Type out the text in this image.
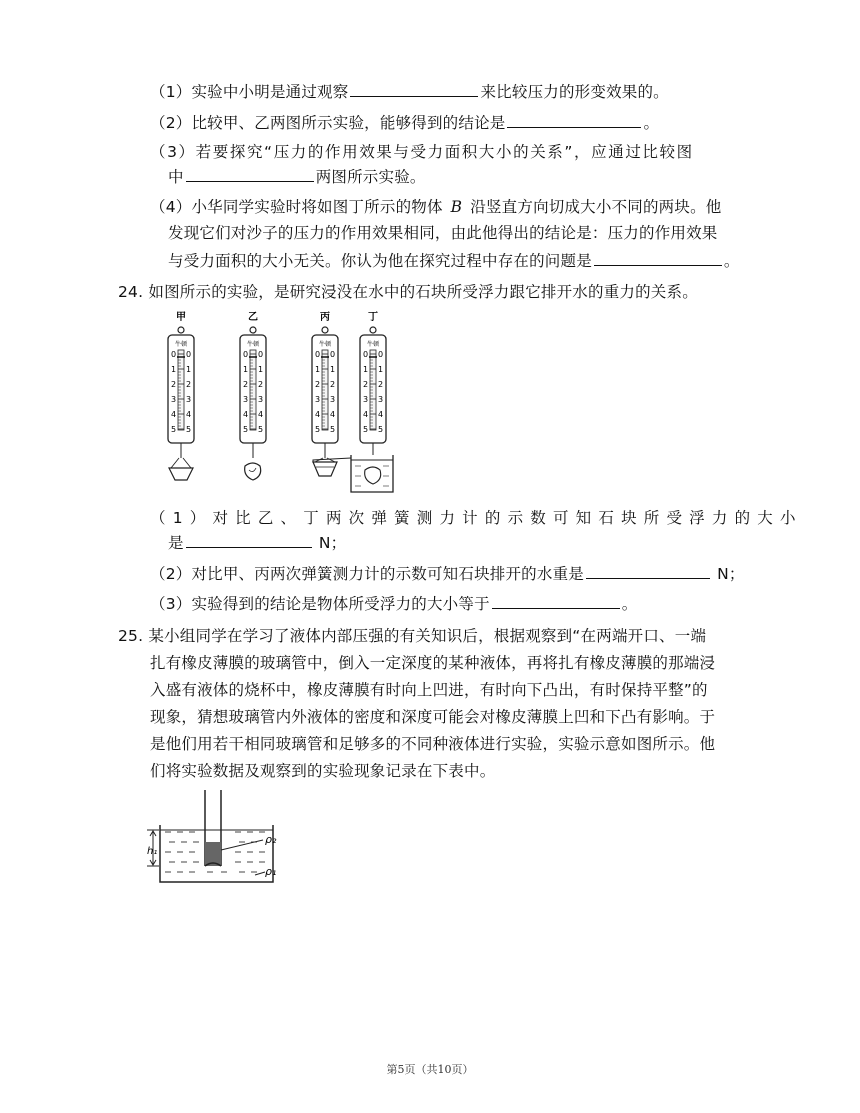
（1）实验中小明是通过观察	来比较压力的形变效果的。
（2）比较甲、乙两图所示实验，能够得到的结论是	。
（3）若要探究“压力的作用效果与受力面积大小的关系”，应通过比较图
中	两图所示实验。
（4）小华同学实验时将如图丁所示的物体 B 沿竖直方向切成大小不同的两块。他
发现它们对沙子的压力的作用效果相同，由此他得出的结论是：压力的作用效果
与受力面积的大小无关。你认为他在探究过程中存在的问题是	。
24. 如图所示的实验，是研究浸没在水中的石块所受浮力跟它排开水的重力的关系。
甲
牛顿
0 0
1 1
2 2
3 3
4 4
5 5
乙
牛顿
0 0
1 1
2 2
3 3
4 4
5 5
丙
牛顿
0 0
1 1
2 2
3 3
4 4
5 5
丁
牛顿
0 0
1 1
2 2
3 3
4 4
5 5
（1）对比乙、丁两次弹簧测力计的示数可知石块所受浮力的大小
是	N；
（2）对比甲、丙两次弹簧测力计的示数可知石块排开的水重是	N；
（3）实验得到的结论是物体所受浮力的大小等于	。
25. 某小组同学在学习了液体内部压强的有关知识后，根据观察到“在两端开口、一端
扎有橡皮薄膜的玻璃管中，倒入一定深度的某种液体，再将扎有橡皮薄膜的那端浸
入盛有液体的烧杯中，橡皮薄膜有时向上凹进，有时向下凸出，有时保持平整”的
现象，猜想玻璃管内外液体的密度和深度可能会对橡皮薄膜上凹和下凸有影响。于
是他们用若干相同玻璃管和足够多的不同种液体进行实验，实验示意如图所示。他
们将实验数据及观察到的实验现象记录在下表中。
h₁
ρ₂
ρ₁
第5页（共10页）
